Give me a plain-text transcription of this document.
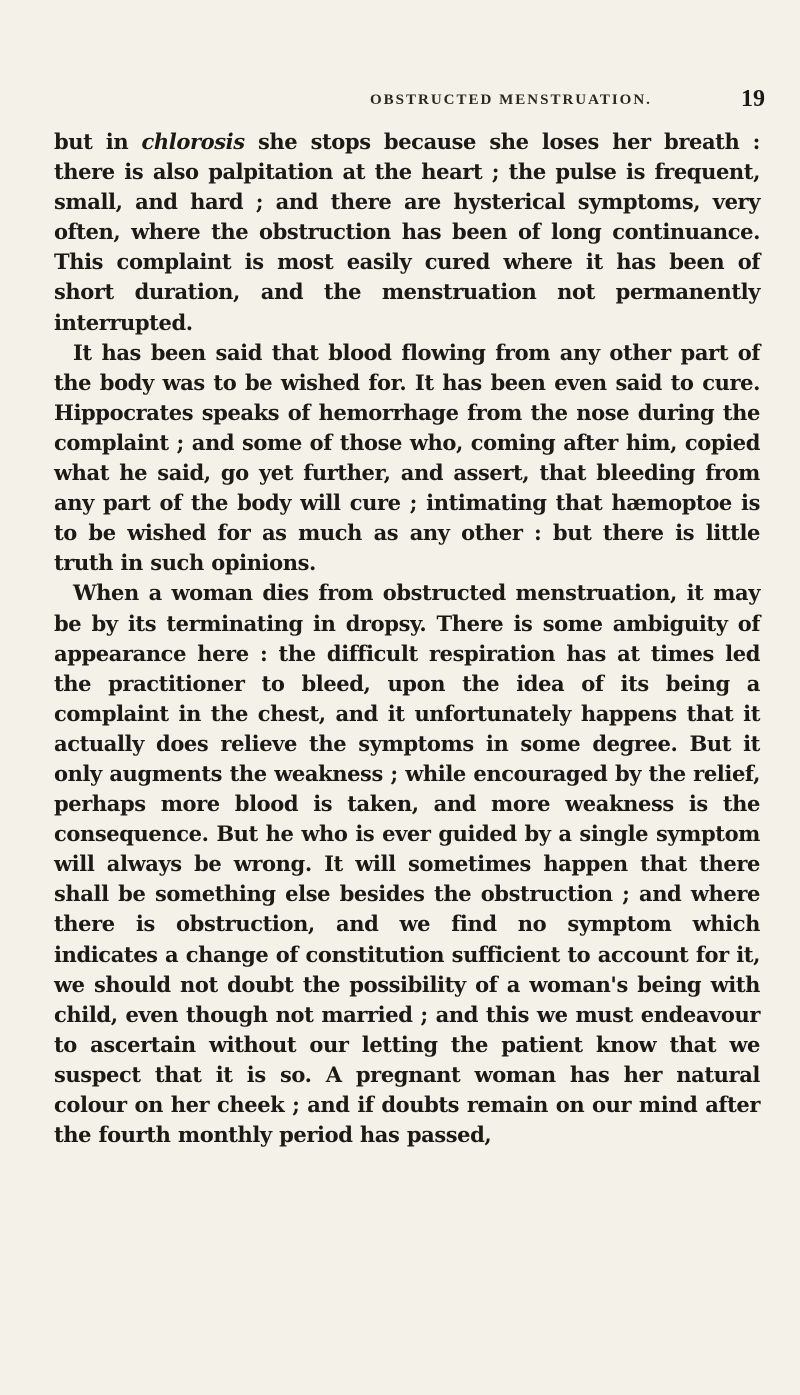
OBSTRUCTED MENSTRUATION.	19

but in chlorosis she stops because she loses her breath : there is also palpitation at the heart ; the pulse is frequent, small, and hard ; and there are hysterical symptoms, very often, where the obstruction has been of long continuance. This complaint is most easily cured where it has been of short duration, and the menstruation not permanently interrupted.

It has been said that blood flowing from any other part of the body was to be wished for. It has been even said to cure. Hippocrates speaks of hemorrhage from the nose during the complaint ; and some of those who, coming after him, copied what he said, go yet further, and assert, that bleeding from any part of the body will cure ; intimating that hæmoptoe is to be wished for as much as any other : but there is little truth in such opinions.

When a woman dies from obstructed menstruation, it may be by its terminating in dropsy. There is some ambiguity of appearance here : the difficult respiration has at times led the practitioner to bleed, upon the idea of its being a complaint in the chest, and it unfortunately happens that it actually does relieve the symptoms in some degree. But it only augments the weakness ; while encouraged by the relief, perhaps more blood is taken, and more weakness is the consequence. But he who is ever guided by a single symptom will always be wrong. It will sometimes happen that there shall be something else besides the obstruction ; and where there is obstruction, and we find no symptom which indicates a change of constitution sufficient to account for it, we should not doubt the possibility of a woman's being with child, even though not married ; and this we must endeavour to ascertain without our letting the patient know that we suspect that it is so. A pregnant woman has her natural colour on her cheek ; and if doubts remain on our mind after the fourth monthly period has passed,
